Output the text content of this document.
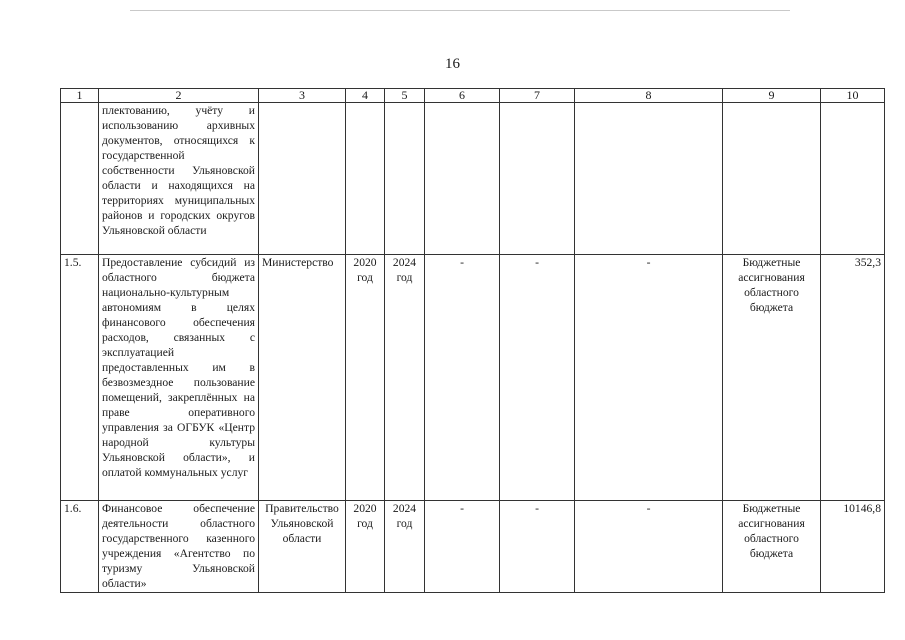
16
1	2	3	4	5	6	7	8	9	10
	плектованию, учёту и использованию архивных документов, относящихся к государственной собственности Ульяновской области и находящихся на территориях муниципальных районов и городских округов Ульяновской области								
1.5.	Предоставление субсидий из областного бюджета национально-культурным автономиям в целях финансового обеспечения расходов, связанных с эксплуатацией предоставленных им в безвозмездное пользование помещений, закреплённых на праве оперативного управления за ОГБУК «Центр народной культуры Ульяновской области», и оплатой коммунальных услуг	Министерство	2020 год	2024 год	-	-	-	Бюджетные ассигнования областного бюджета	352,3
1.6.	Финансовое обеспечение деятельности областного государственного казенного учреждения «Агентство по туризму Ульяновской области»	Правительство Ульяновской области	2020 год	2024 год	-	-	-	Бюджетные ассигнования областного бюджета	10146,8
